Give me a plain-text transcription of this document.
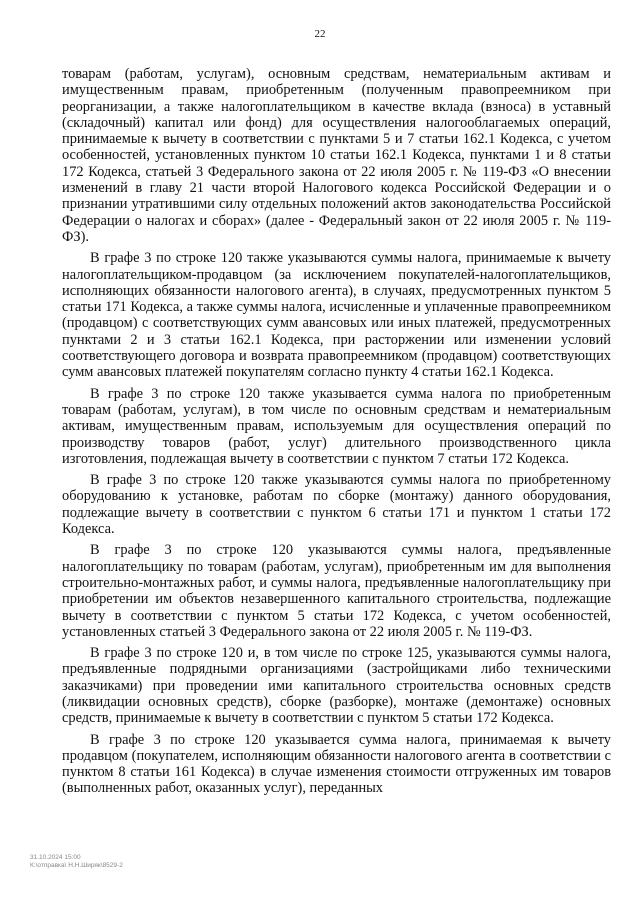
22

товарам (работам, услугам), основным средствам, нематериальным активам и имущественным правам, приобретенным (полученным правопреемником при реорганизации, а также налогоплательщиком в качестве вклада (взноса) в уставный (складочный) капитал или фонд) для осуществления налогооблагаемых операций, принимаемые к вычету в соответствии с пунктами 5 и 7 статьи 162.1 Кодекса, с учетом особенностей, установленных пунктом 10 статьи 162.1 Кодекса, пунктами 1 и 8 статьи 172 Кодекса, статьей 3 Федерального закона от 22 июля 2005 г. № 119-ФЗ «О внесении изменений в главу 21 части второй Налогового кодекса Российской Федерации и о признании утратившими силу отдельных положений актов законодательства Российской Федерации о налогах и сборах» (далее - Федеральный закон от 22 июля 2005 г. № 119-ФЗ).

В графе 3 по строке 120 также указываются суммы налога, принимаемые к вычету налогоплательщиком-продавцом (за исключением покупателей-налогоплательщиков, исполняющих обязанности налогового агента), в случаях, предусмотренных пунктом 5 статьи 171 Кодекса, а также суммы налога, исчисленные и уплаченные правопреемником (продавцом) с соответствующих сумм авансовых или иных платежей, предусмотренных пунктами 2 и 3 статьи 162.1 Кодекса, при расторжении или изменении условий соответствующего договора и возврата правопреемником (продавцом) соответствующих сумм авансовых платежей покупателям согласно пункту 4 статьи 162.1 Кодекса.

В графе 3 по строке 120 также указывается сумма налога по приобретенным товарам (работам, услугам), в том числе по основным средствам и нематериальным активам, имущественным правам, используемым для осуществления операций по производству товаров (работ, услуг) длительного производственного цикла изготовления, подлежащая вычету в соответствии с пунктом 7 статьи 172 Кодекса.

В графе 3 по строке 120 также указываются суммы налога по приобретенному оборудованию к установке, работам по сборке (монтажу) данного оборудования, подлежащие вычету в соответствии с пунктом 6 статьи 171 и пунктом 1 статьи 172 Кодекса.

В графе 3 по строке 120 указываются суммы налога, предъявленные налогоплательщику по товарам (работам, услугам), приобретенным им для выполнения строительно-монтажных работ, и суммы налога, предъявленные налогоплательщику при приобретении им объектов незавершенного капитального строительства, подлежащие вычету в соответствии с пунктом 5 статьи 172 Кодекса, с учетом особенностей, установленных статьей 3 Федерального закона от 22 июля 2005 г. № 119-ФЗ.

В графе 3 по строке 120 и, в том числе по строке 125, указываются суммы налога, предъявленные подрядными организациями (застройщиками либо техническими заказчиками) при проведении ими капитального строительства основных средств (ликвидации основных средств), сборке (разборке), монтаже (демонтаже) основных средств, принимаемые к вычету в соответствии с пунктом 5 статьи 172 Кодекса.

В графе 3 по строке 120 указывается сумма налога, принимаемая к вычету продавцом (покупателем, исполняющим обязанности налогового агента в соответствии с пунктом 8 статьи 161 Кодекса) в случае изменения стоимости отгруженных им товаров (выполненных работ, оказанных услуг), переданных

31.10.2024 15:00
К:\отправка\ Н.Н.Ширяк\8529-2
